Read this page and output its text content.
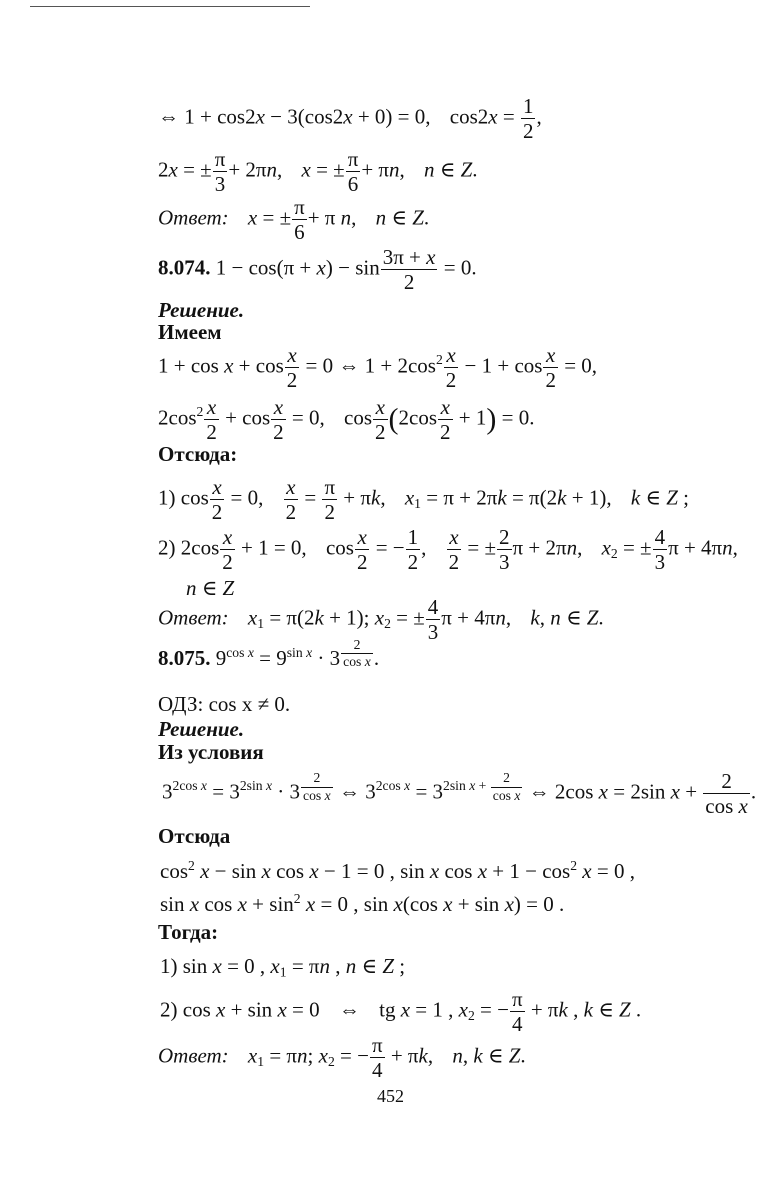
⇔ 1 + cos2x − 3(cos2x + 0) = 0, $\cos 2x = \frac{1}{2}$ ,
2x = ± $\frac{\pi}{3} + 2\pi n$, x = ± $\frac{\pi}{6} + \pi n$, n ∈ Z.
Ответ: x = ± $\frac{\pi}{6} + \pi$ n, n ∈ Z.
8.074. $1 - \cos(\pi + x) - \sin \frac{3\pi + x}{2} = 0$.
Решение.
Имеем
$1 + \cos x + \cos \frac{x}{2} = 0$ ⇔ $1 + 2\cos^2 \frac{x}{2} - 1 + \cos \frac{x}{2} = 0$,
$2\cos^2 \frac{x}{2} + \cos \frac{x}{2} = 0$, $\cos \frac{x}{2} (2\cos \frac{x}{2} + 1) = 0$.
Отсюда:
1) $\cos \frac{x}{2} = 0$, $\frac{x}{2} = \frac{\pi}{2} + \pi k$, $x_1 = \pi + 2\pi k = \pi(2k + 1)$, k ∈ Z ;
2) $2\cos \frac{x}{2} + 1 = 0$, $\cos \frac{x}{2}$ = − $\frac{1}{2}$ , $\frac{x}{2}$ = ± $\frac{2}{3}$ π + 2πn, $x_2$ = ± $\frac{4}{3}$ π + 4πn,
n ∈ Z
Ответ: $x_1 = \pi(2k + 1)$; $x_2$ = ± $\frac{4}{3}$ π + 4πn, k, n ∈ Z.
8.075. $9^{cos x} = 9^{sin x} \cdot 3$ $^{\frac{2}{\text{cos x}}}$ .
ОДЗ: cos x ≠ 0.
Решение.
Из условия
$3^{2cos x} = 3^{2sin x} \cdot 3$ $^{\frac{2}{\text{cos x}}}$ ⇔ $3^{2cos x} = 3^{2sin x + \frac{2}{\text{cos x}}}$ ⇔ 2cos x = 2sin $x + \frac{2}{\text{cos x}}$ .
Отсюда
$\cos^2 x - \sin x$ cos x − 1 = 0 , sin x $\cos x + 1 - \cos^2 x = 0$ ,
sin x $\cos x + \sin^2 x = 0$ , sin x(cos x + sin x) = 0 .
Тогда:
1) sin x = 0 , $x_1 = \pi n$ , n ∈ Z ;
2) cos x + sin x = 0 ⇔ tg x = 1 , $x_2$ = − $\frac{\pi}{4} + \pi k$ , k ∈ Z .
Ответ: $x_1 = \pi n$; $x_2$ = − $\frac{\pi}{4} + \pi k$, n, k ∈ Z.
452
